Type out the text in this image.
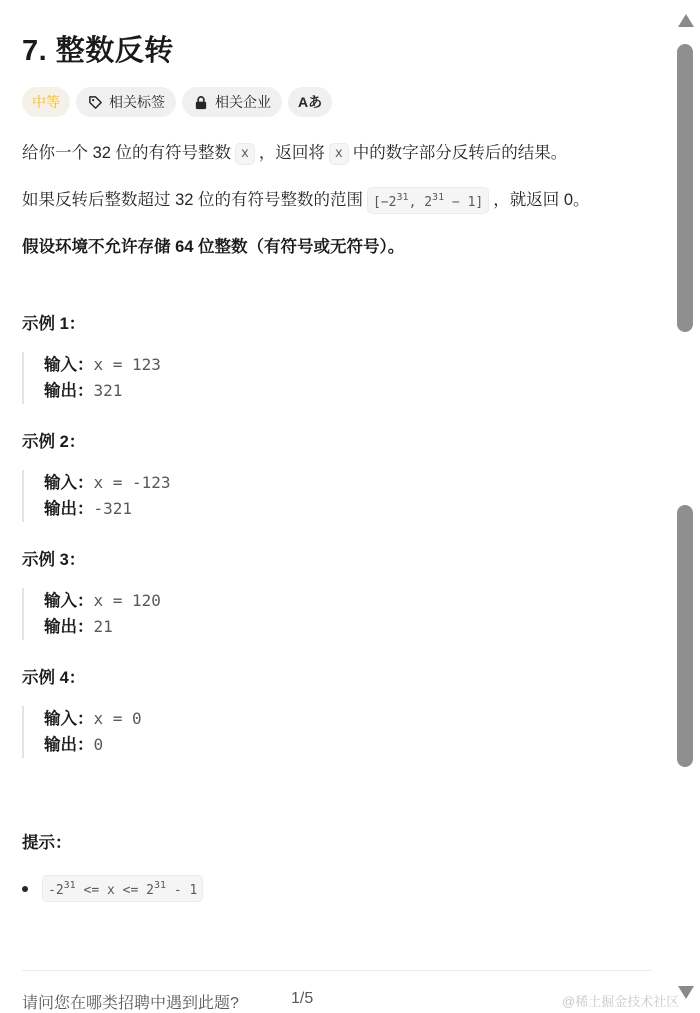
7. 整数反转
中等	相关标签	相关企业 Aあ
给你一个 32 位的有符号整数 x ，返回将 x 中的数字部分反转后的结果。
如果反转后整数超过 32 位的有符号整数的范围 [$-2^{31}$, $2^{31} - 1$] ，就返回 0。
假设环境不允许存储 64 位整数（有符号或无符号）。
示例 1：
输入：x = 123
输出：321
示例 2：
输入：x = -123
输出：-321
示例 3：
输入：x = 120
输出：21
示例 4：
输入：x = 0
输出：0
提示：
$-2^{31} <= x <= 2^{31} - 1$
请问您在哪类招聘中遇到此题?	1/5	@稀土掘金技术社区
